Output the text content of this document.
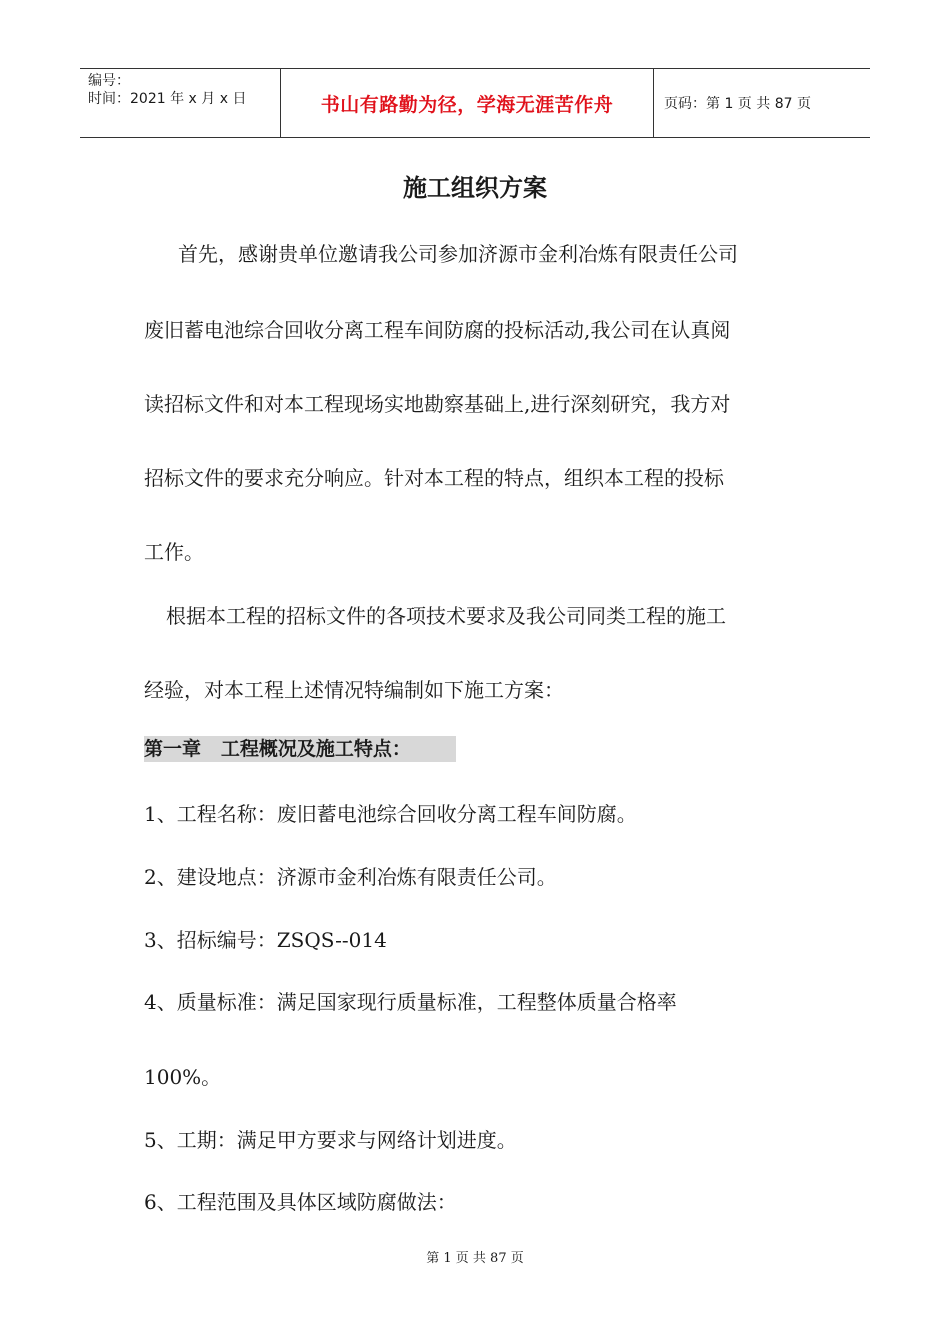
编号：
时间：2021 年 x 月 x 日	书山有路勤为径，学海无涯苦作舟	页码：第 1 页 共 87 页
施工组织方案
首先，感谢贵单位邀请我公司参加济源市金利冶炼有限责任公司
废旧蓄电池综合回收分离工程车间防腐的投标活动,我公司在认真阅
读招标文件和对本工程现场实地勘察基础上,进行深刻研究，我方对
招标文件的要求充分响应。针对本工程的特点，组织本工程的投标
工作。
根据本工程的招标文件的各项技术要求及我公司同类工程的施工
经验，对本工程上述情况特编制如下施工方案：
第一章   工程概况及施工特点：
1、工程名称：废旧蓄电池综合回收分离工程车间防腐。
2、建设地点：济源市金利冶炼有限责任公司。
3、招标编号：ZSQS--014
4、质量标准：满足国家现行质量标准，工程整体质量合格率
100%。
5、工期：满足甲方要求与网络计划进度。
6、工程范围及具体区域防腐做法：
第 1 页 共 87 页
